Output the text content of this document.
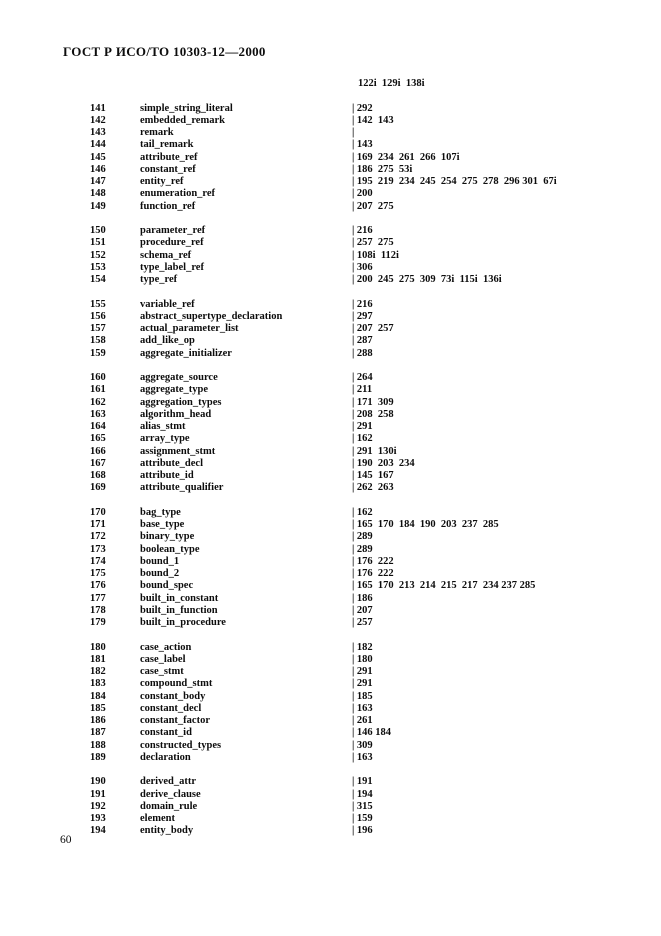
ГОСТ Р ИСО/ТО 10303-12—2000
122i  129i  138i
141	simple_string_literal	| 292
142	embedded_remark	| 142  143
143	remark	|
144	tail_remark	| 143
145	attribute_ref	| 169  234  261  266  107i
146	constant_ref	| 186  275  53i
147	entity_ref	| 195  219  234  245  254  275  278  296 301  67i
148	enumeration_ref	| 200
149	function_ref	| 207  275
150	parameter_ref	| 216
151	procedure_ref	| 257  275
152	schema_ref	| 108i  112i
153	type_label_ref	| 306
154	type_ref	| 200  245  275  309  73i  115i  136i
155	variable_ref	| 216
156	abstract_supertype_declaration	| 297
157	actual_parameter_list	| 207  257
158	add_like_op	| 287
159	aggregate_initializer	| 288
160	aggregate_source	| 264
161	aggregate_type	| 211
162	aggregation_types	| 171  309
163	algorithm_head	| 208  258
164	alias_stmt	| 291
165	array_type	| 162
166	assignment_stmt	| 291  130i
167	attribute_decl	| 190  203  234
168	attribute_id	| 145  167
169	attribute_qualifier	| 262  263
170	bag_type	| 162
171	base_type	| 165  170  184  190  203  237  285
172	binary_type	| 289
173	boolean_type	| 289
174	bound_1	| 176  222
175	bound_2	| 176  222
176	bound_spec	| 165  170  213  214  215  217  234 237 285
177	built_in_constant	| 186
178	built_in_function	| 207
179	built_in_procedure	| 257
180	case_action	| 182
181	case_label	| 180
182	case_stmt	| 291
183	compound_stmt	| 291
184	constant_body	| 185
185	constant_decl	| 163
186	constant_factor	| 261
187	constant_id	| 146 184
188	constructed_types	| 309
189	declaration	| 163
190	derived_attr	| 191
191	derive_clause	| 194
192	domain_rule	| 315
193	element	| 159
194	entity_body	| 196
60
